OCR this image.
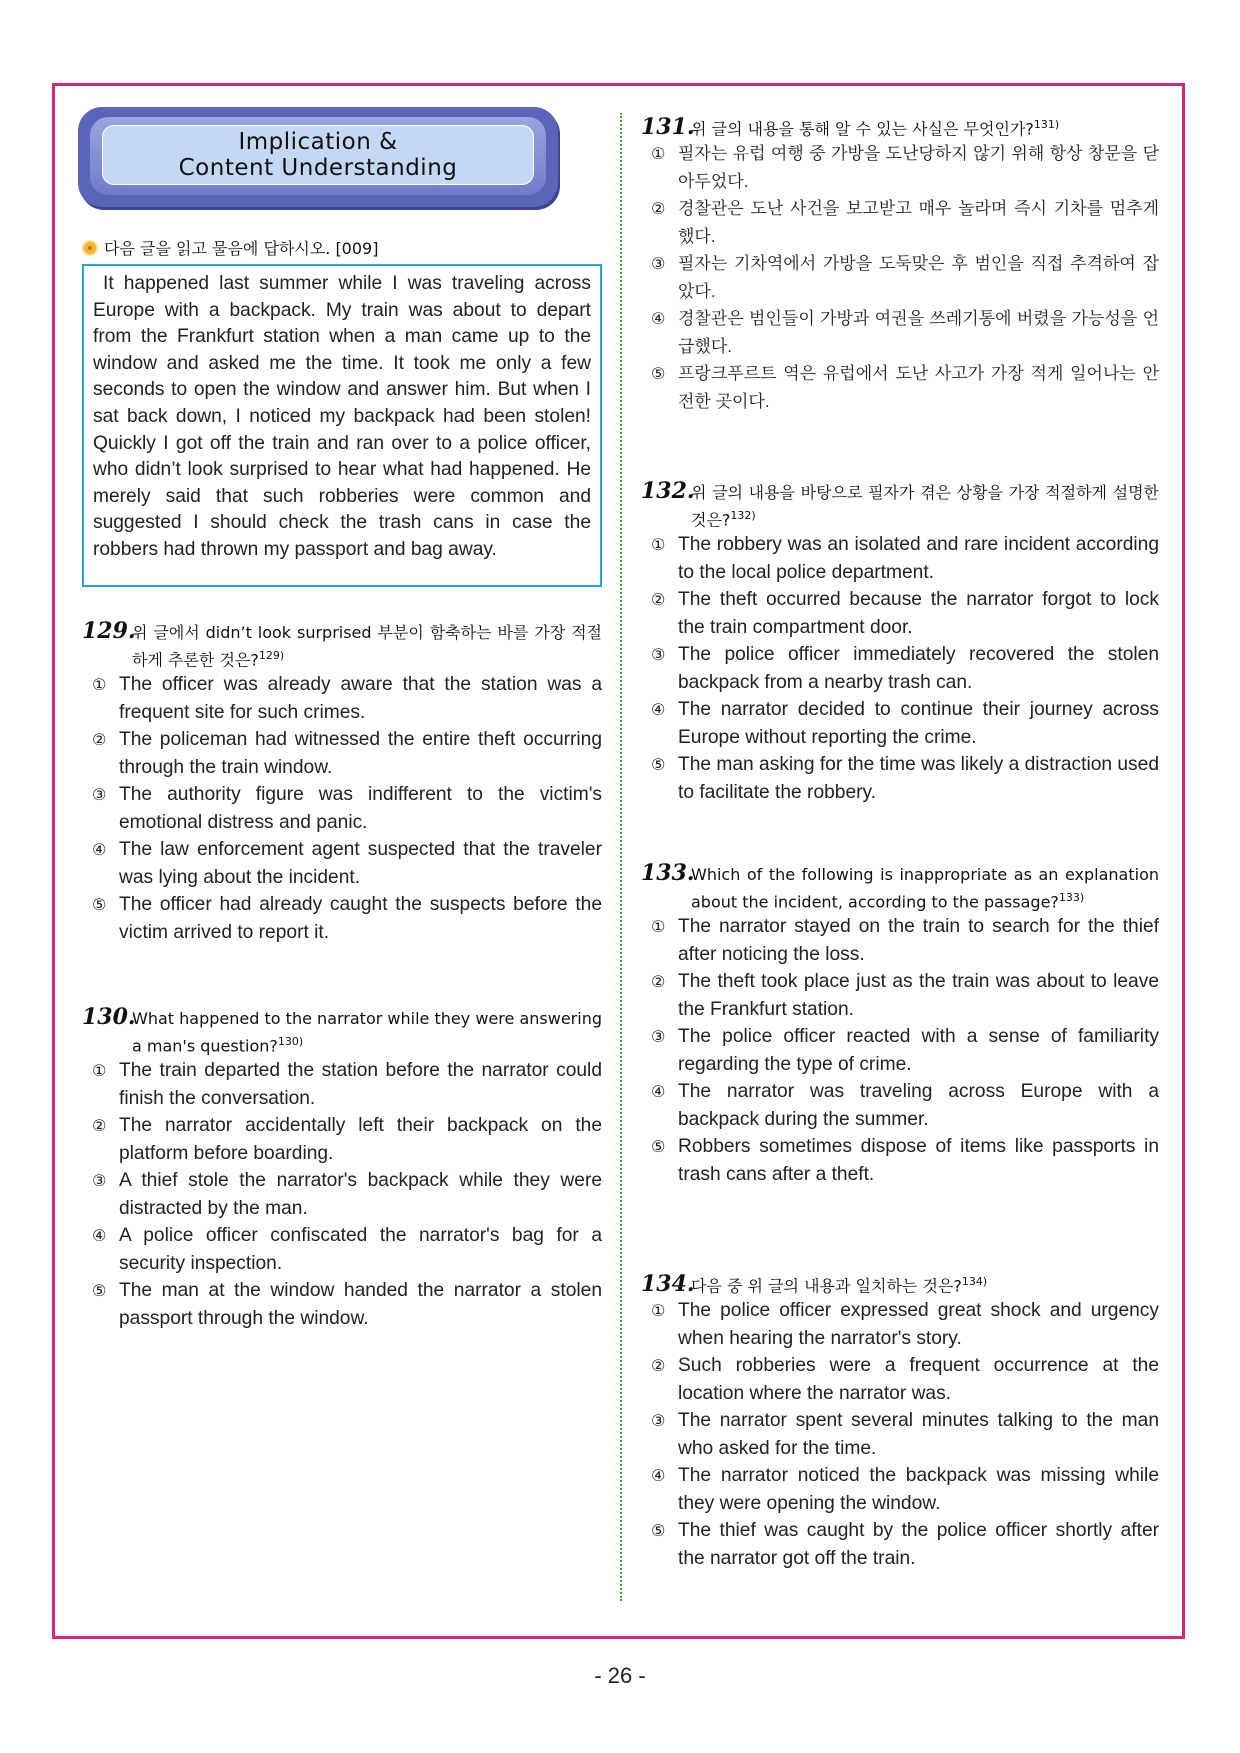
Implication &
Content Understanding
다음 글을 읽고 물음에 답하시오. [009]
It happened last summer while I was traveling across Europe with a backpack. My train was about to depart from the Frankfurt station when a man came up to the window and asked me the time. It took me only a few seconds to open the window and answer him. But when I sat back down, I noticed my backpack had been stolen! Quickly I got off the train and ran over to a police officer, who didn’t look surprised to hear what had happened. He merely said that such robberies were common and suggested I should check the trash cans in case the robbers had thrown my passport and bag away.
129.위 글에서 didn’t look surprised 부분이 함축하는 바를 가장 적절하게 추론한 것은?$^{129)}$
① The officer was already aware that the station was a frequent site for such crimes.
② The policeman had witnessed the entire theft occurring through the train window.
③ The authority figure was indifferent to the victim's emotional distress and panic.
④ The law enforcement agent suspected that the traveler was lying about the incident.
⑤ The officer had already caught the suspects before the victim arrived to report it.
130.What happened to the narrator while they were answering a man's question?$^{130)}$
① The train departed the station before the narrator could finish the conversation.
② The narrator accidentally left their backpack on the platform before boarding.
③ A thief stole the narrator's backpack while they were distracted by the man.
④ A police officer confiscated the narrator's bag for a security inspection.
⑤ The man at the window handed the narrator a stolen passport through the window.
131.위 글의 내용을 통해 알 수 있는 사실은 무엇인가?$^{131)}$
① 필자는 유럽 여행 중 가방을 도난당하지 않기 위해 항상 창문을 닫아두었다.
② 경찰관은 도난 사건을 보고받고 매우 놀라며 즉시 기차를 멈추게 했다.
③ 필자는 기차역에서 가방을 도둑맞은 후 범인을 직접 추격하여 잡았다.
④ 경찰관은 범인들이 가방과 여권을 쓰레기통에 버렸을 가능성을 언급했다.
⑤ 프랑크푸르트 역은 유럽에서 도난 사고가 가장 적게 일어나는 안전한 곳이다.
132.위 글의 내용을 바탕으로 필자가 겪은 상황을 가장 적절하게 설명한 것은?$^{132)}$
① The robbery was an isolated and rare incident according to the local police department.
② The theft occurred because the narrator forgot to lock the train compartment door.
③ The police officer immediately recovered the stolen backpack from a nearby trash can.
④ The narrator decided to continue their journey across Europe without reporting the crime.
⑤ The man asking for the time was likely a distraction used to facilitate the robbery.
133.Which of the following is inappropriate as an explanation about the incident, according to the passage?$^{133)}$
① The narrator stayed on the train to search for the thief after noticing the loss.
② The theft took place just as the train was about to leave the Frankfurt station.
③ The police officer reacted with a sense of familiarity regarding the type of crime.
④ The narrator was traveling across Europe with a backpack during the summer.
⑤ Robbers sometimes dispose of items like passports in trash cans after a theft.
134.다음 중 위 글의 내용과 일치하는 것은?$^{134)}$
① The police officer expressed great shock and urgency when hearing the narrator's story.
② Such robberies were a frequent occurrence at the location where the narrator was.
③ The narrator spent several minutes talking to the man who asked for the time.
④ The narrator noticed the backpack was missing while they were opening the window.
⑤ The thief was caught by the police officer shortly after the narrator got off the train.
- 26 -
